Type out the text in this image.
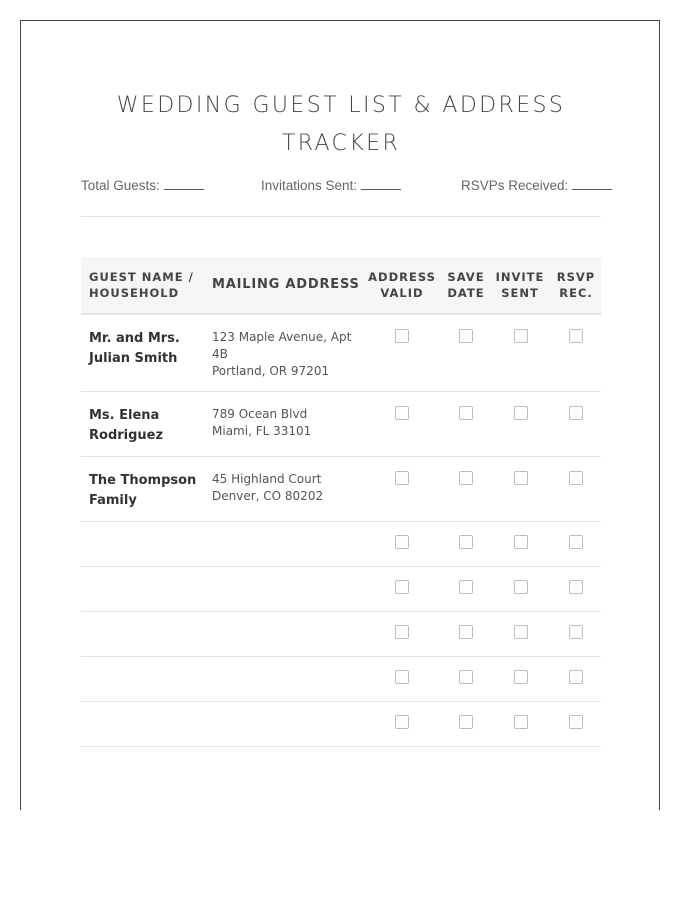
WEDDING GUEST LIST & ADDRESS
TRACKER
Total Guests:	Invitations Sent:	RSVPs Received:
GUEST NAME /
HOUSEHOLD
MAILING ADDRESS ADDRESS
VALID
SAVE
DATE
INVITE
SENT
RSVP
REC.
Mr. and Mrs.
Julian Smith
123 Maple Avenue, Apt
4B
Portland, OR 97201
Ms. Elena
Rodriguez
789 Ocean Blvd
Miami, FL 33101
The Thompson
Family
45 Highland Court
Denver, CO 80202
